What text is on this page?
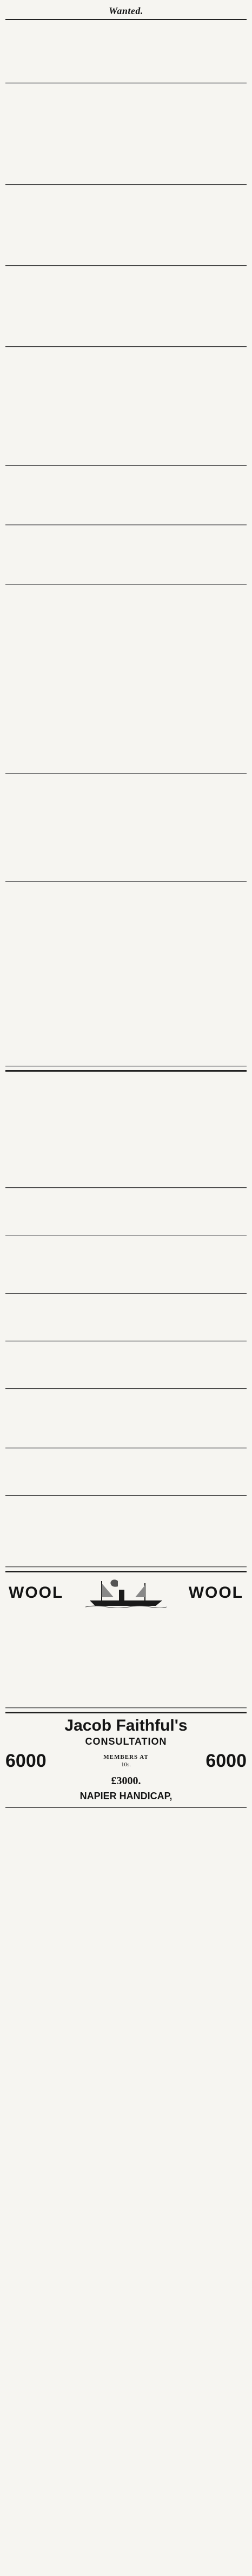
Wanted.
WOOL	WOOL
Jacob Faithful's
CONSULTATION
6000	MEMBERS AT
10s.	6000
£3000.
NAPIER HANDICAP,
